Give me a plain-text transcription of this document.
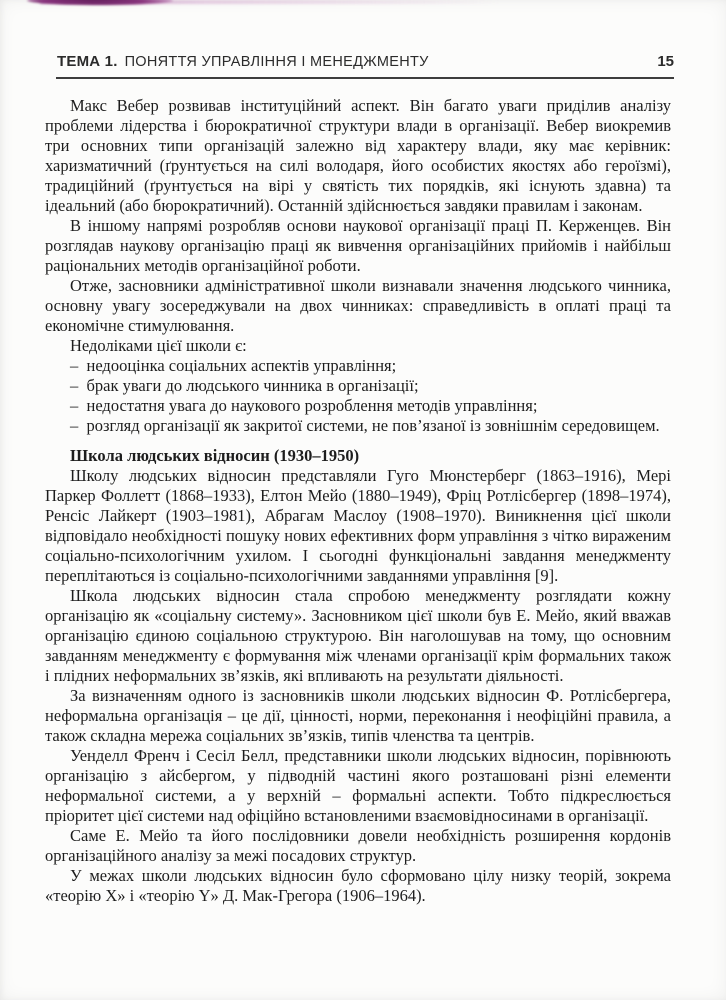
ТЕМА 1. ПОНЯТТЯ УПРАВЛІННЯ І МЕНЕДЖМЕНТУ	15

Макс Вебер розвивав інституційний аспект. Він багато уваги приділив аналізу проблеми лідерства і бюрократичної структури влади в організації. Вебер виокремив три основних типи організацій залежно від характеру влади, яку має керівник: харизматичний (ґрунтується на силі володаря, його особистих якостях або героїзмі), традиційний (ґрунтується на вірі у святість тих порядків, які існують здавна) та ідеальний (або бюрократичний). Останній здійснюється завдяки правилам і законам.

В іншому напрямі розробляв основи наукової організації праці П. Керженцев. Він розглядав наукову організацію праці як вивчення організаційних прийомів і найбільш раціональних методів організаційної роботи.

Отже, засновники адміністративної школи визнавали значення людського чинника, основну увагу зосереджували на двох чинниках: справедливість в оплаті праці та економічне стимулювання.

Недоліками цієї школи є:

– недооцінка соціальних аспектів управління;

– брак уваги до людського чинника в організації;

– недостатня увага до наукового розроблення методів управління;

– розгляд організації як закритої системи, не пов’язаної із зовнішнім середовищем.

Школа людських відносин (1930–1950)

Школу людських відносин представляли Гуго Мюнстерберг (1863–1916), Мері Паркер Фоллетт (1868–1933), Елтон Мейо (1880–1949), Фріц Ротлісбергер (1898–1974), Ренсіс Лайкерт (1903–1981), Абрагам Маслоу (1908–1970). Виникнення цієї школи відповідало необхідності пошуку нових ефективних форм управління з чітко вираженим соціально-психологічним ухилом. І сьогодні функціональні завдання менеджменту переплітаються із соціально-психологічними завданнями управління [9].

Школа людських відносин стала спробою менеджменту розглядати кожну організацію як «соціальну систему». Засновником цієї школи був Е. Мейо, який вважав організацію єдиною соціальною структурою. Він наголошував на тому, що основним завданням менеджменту є формування між членами організації крім формальних також і плідних неформальних зв’язків, які впливають на результати діяльності.

За визначенням одного із засновників школи людських відносин Ф. Ротлісбергера, неформальна організація – це дії, цінності, норми, переконання і неофіційні правила, а також складна мережа соціальних зв’язків, типів членства та центрів.

Уенделл Френч і Сесіл Белл, представники школи людських відносин, порівнюють організацію з айсбергом, у підводній частині якого розташовані різні елементи неформальної системи, а у верхній – формальні аспекти. Тобто підкреслюється пріоритет цієї системи над офіційно встановленими взаємовідносинами в організації.

Саме Е. Мейо та його послідовники довели необхідність розширення кордонів організаційного аналізу за межі посадових структур.

У межах школи людських відносин було сформовано цілу низку теорій, зокрема «теорію X» і «теорію Y» Д. Мак-Грегора (1906–1964).
